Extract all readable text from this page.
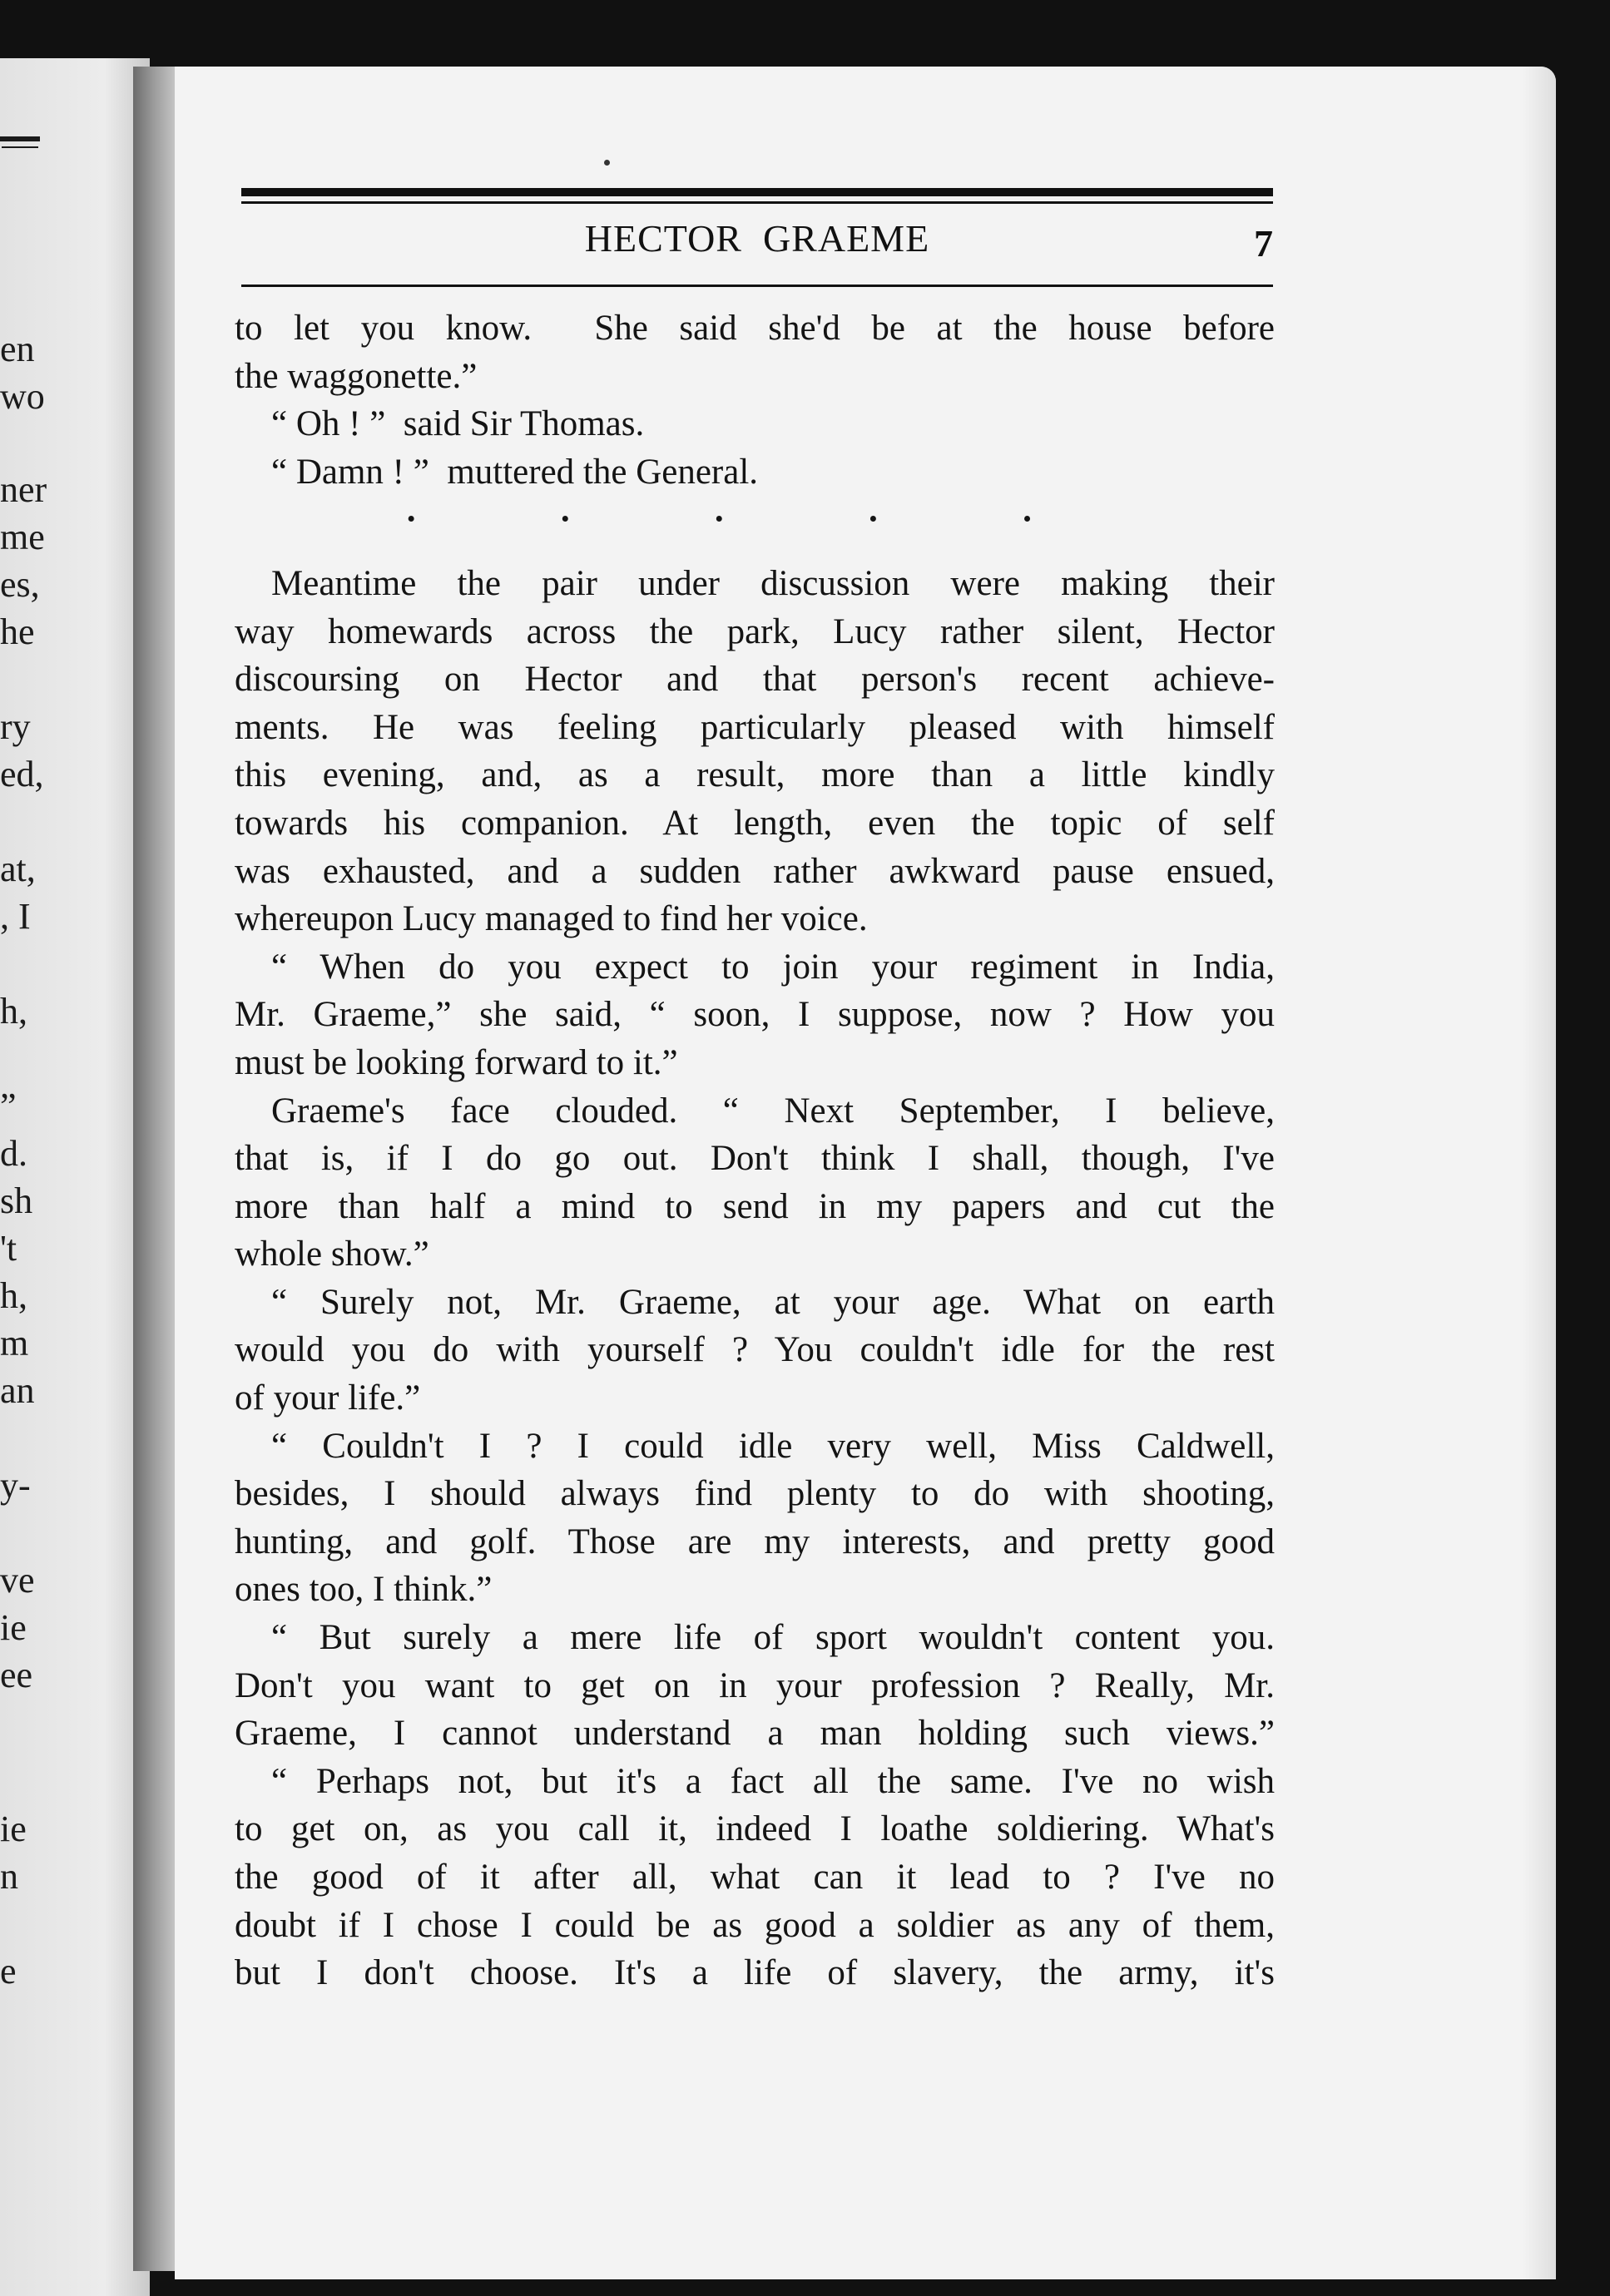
en
wo
ner
me
es,
he
ry
ed,
at,
, I
h,
”
d.
sh
't
h,
m
an
y-
ve
ie
ee
ie
n
e
HECTOR  GRAEME	7
to let you know.  She said she'd be at the house before
the waggonette.”
“ Oh ! ”  said Sir Thomas.
“ Damn ! ”  muttered the General.
· · · · ·
Meantime the pair under discussion were making their
way homewards across the park, Lucy rather silent, Hector
discoursing on Hector and that person's recent achieve-
ments. He was feeling particularly pleased with himself
this evening, and, as a result, more than a little kindly
towards his companion. At length, even the topic of self
was exhausted, and a sudden rather awkward pause ensued,
whereupon Lucy managed to find her voice.
“ When do you expect to join your regiment in India,
Mr. Graeme,” she said, “ soon, I suppose, now ? How you
must be looking forward to it.”
Graeme's face clouded. “ Next September, I believe,
that is, if I do go out. Don't think I shall, though, I've
more than half a mind to send in my papers and cut the
whole show.”
“ Surely not, Mr. Graeme, at your age. What on earth
would you do with yourself ? You couldn't idle for the rest
of your life.”
“ Couldn't I ? I could idle very well, Miss Caldwell,
besides, I should always find plenty to do with shooting,
hunting, and golf. Those are my interests, and pretty good
ones too, I think.”
“ But surely a mere life of sport wouldn't content you.
Don't you want to get on in your profession ? Really, Mr.
Graeme, I cannot understand a man holding such views.”
“ Perhaps not, but it's a fact all the same. I've no wish
to get on, as you call it, indeed I loathe soldiering. What's
the good of it after all, what can it lead to ? I've no
doubt if I chose I could be as good a soldier as any of them,
but I don't choose. It's a life of slavery, the army, it's
